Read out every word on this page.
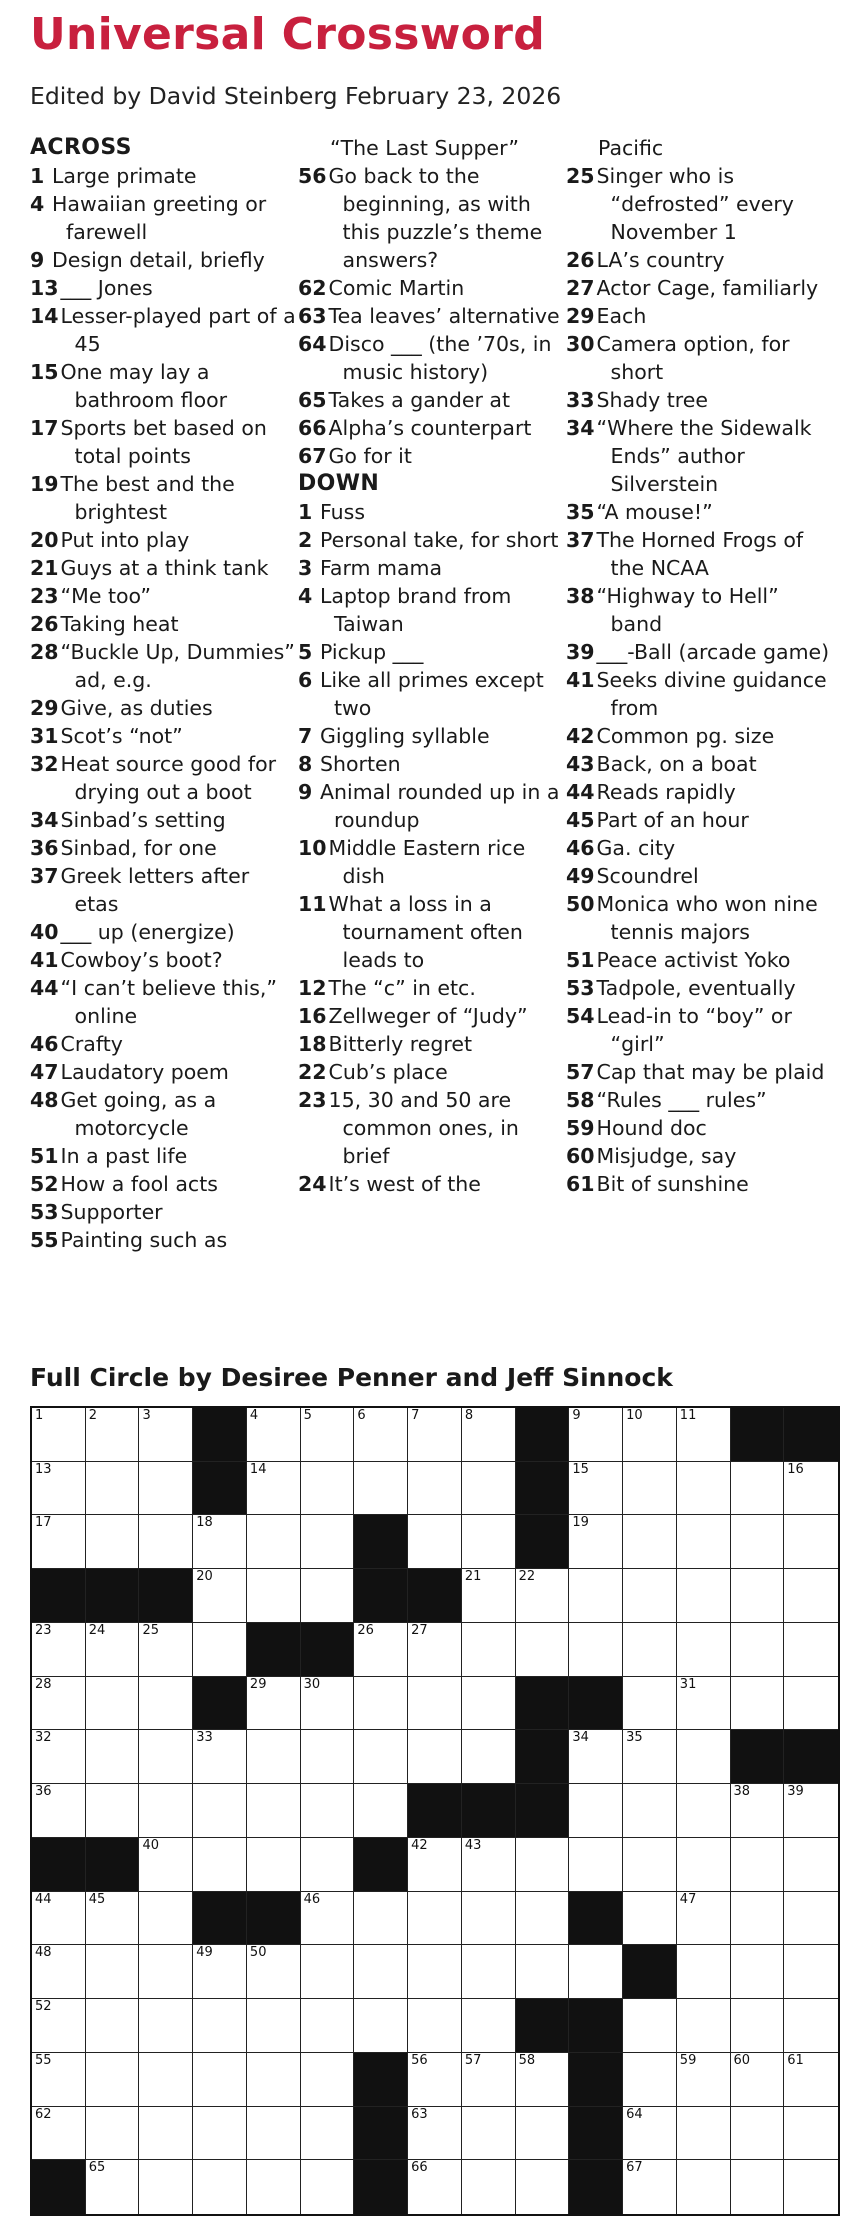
Universal Crossword
Edited by David Steinberg February 23, 2026
ACROSS
1 Large primate
4 Hawaiian greeting or farewell
9 Design detail, briefly
13 ___ Jones
14 Lesser-played part of a 45
15 One may lay a bathroom floor
17 Sports bet based on total points
19 The best and the brightest
20 Put into play
21 Guys at a think tank
23 “Me too”
26 Taking heat
28 “Buckle Up, Dummies” ad, e.g.
29 Give, as duties
31 Scot’s “not”
32 Heat source good for drying out a boot
34 Sinbad’s setting
36 Sinbad, for one
37 Greek letters after etas
40 ___ up (energize)
41 Cowboy’s boot?
44 “I can’t believe this,” online
46 Crafty
47 Laudatory poem
48 Get going, as a motorcycle
51 In a past life
52 How a fool acts
53 Supporter
55 Painting such as
“The Last Supper”
56 Go back to the beginning, as with this puzzle’s theme answers?
62 Comic Martin
63 Tea leaves’ alternative
64 Disco ___ (the ’70s, in music history)
65 Takes a gander at
66 Alpha’s counterpart
67 Go for it
DOWN
1 Fuss
2 Personal take, for short
3 Farm mama
4 Laptop brand from Taiwan
5 Pickup ___
6 Like all primes except two
7 Giggling syllable
8 Shorten
9 Animal rounded up in a roundup
10 Middle Eastern rice dish
11 What a loss in a tournament often leads to
12 The “c” in etc.
16 Zellweger of “Judy”
18 Bitterly regret
22 Cub’s place
23 15, 30 and 50 are common ones, in brief
24 It’s west of the
Pacific
25 Singer who is “defrosted” every November 1
26 LA’s country
27 Actor Cage, familiarly
29 Each
30 Camera option, for short
33 Shady tree
34 “Where the Sidewalk Ends” author Silverstein
35 “A mouse!”
37 The Horned Frogs of the NCAA
38 “Highway to Hell” band
39 ___-Ball (arcade game)
41 Seeks divine guidance from
42 Common pg. size
43 Back, on a boat
44 Reads rapidly
45 Part of an hour
46 Ga. city
49 Scoundrel
50 Monica who won nine tennis majors
51 Peace activist Yoko
53 Tadpole, eventually
54 Lead-in to “boy” or “girl”
57 Cap that may be plaid
58 “Rules ___ rules”
59 Hound doc
60 Misjudge, say
61 Bit of sunshine
Full Circle by Desiree Penner and Jeff Sinnock
1	2	3	4	5	6	7	8	9	10	11
13	14	15	16
17	18	19
20	21	22
23	24	25	26	27
28	29	30	31
32	33	34	35
36	38	39
40	42	43
44	45	46	47
48	49	50
52
55	56	57	58	59	60	61
62	63	64
65	66	67
